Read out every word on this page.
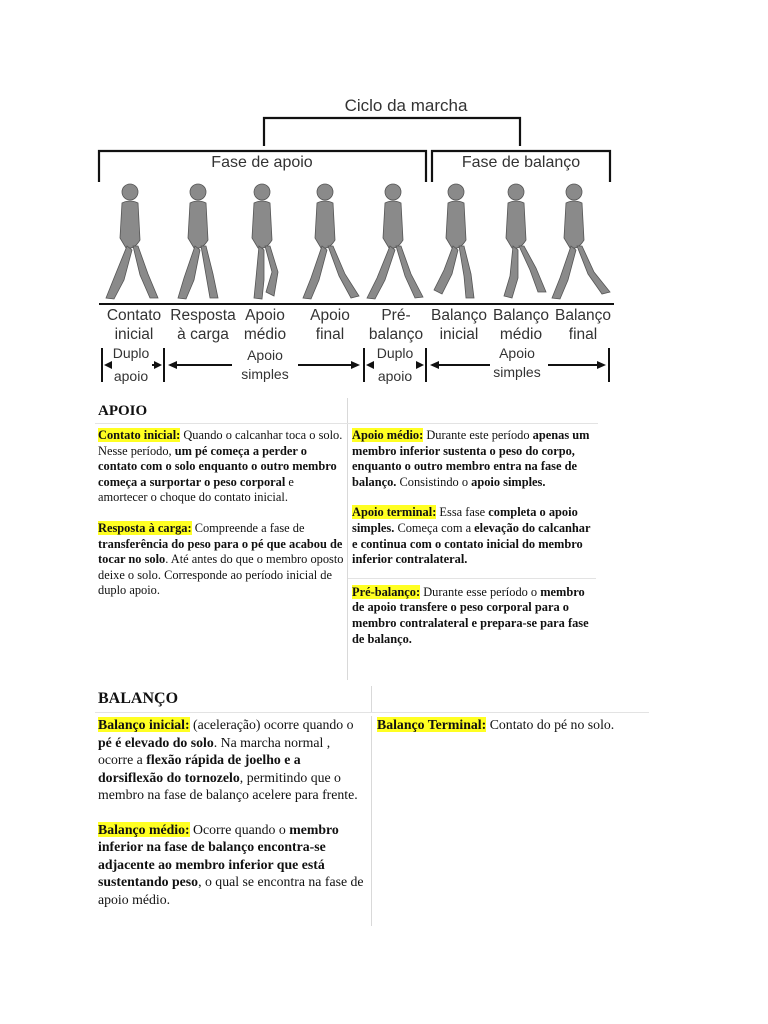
Ciclo da marcha
Fase de apoio	Fase de balanço
Contato
inicial
Resposta
à carga
Apoio
médio
Apoio
final
Pré-
balanço
Balanço
inicial
Balanço
médio
Balanço
final
Duplo
apoio
Apoio
simples
Duplo
apoio
Apoio
simples
APOIO

Contato inicial: Quando o calcanhar toca o solo. Nesse período, um pé começa a perder o contato com o solo enquanto o outro membro começa a surportar o peso corporal e amortecer o choque do contato inicial.

Resposta à carga: Compreende a fase de transferência do peso para o pé que acabou de tocar no solo. Até antes do que o membro oposto deixe o solo. Corresponde ao período inicial de duplo apoio.

Apoio médio: Durante este período apenas um membro inferior sustenta o peso do corpo, enquanto o outro membro entra na fase de balanço. Consistindo o apoio simples.

Apoio terminal: Essa fase completa o apoio simples. Começa com a elevação do calcanhar e continua com o contato inicial do membro inferior contralateral.

Pré-balanço: Durante esse período o membro de apoio transfere o peso corporal para o membro contralateral e prepara-se para fase de balanço.

BALANÇO

Balanço inicial: (aceleração) ocorre quando o pé é elevado do solo. Na marcha normal , ocorre a flexão rápida de joelho e a dorsiflexão do tornozelo, permitindo que o membro na fase de balanço acelere para frente.

Balanço médio: Ocorre quando o membro inferior na fase de balanço encontra-se adjacente ao membro inferior que está sustentando peso, o qual se encontra na fase de apoio médio.

Balanço Terminal: Contato do pé no solo.
